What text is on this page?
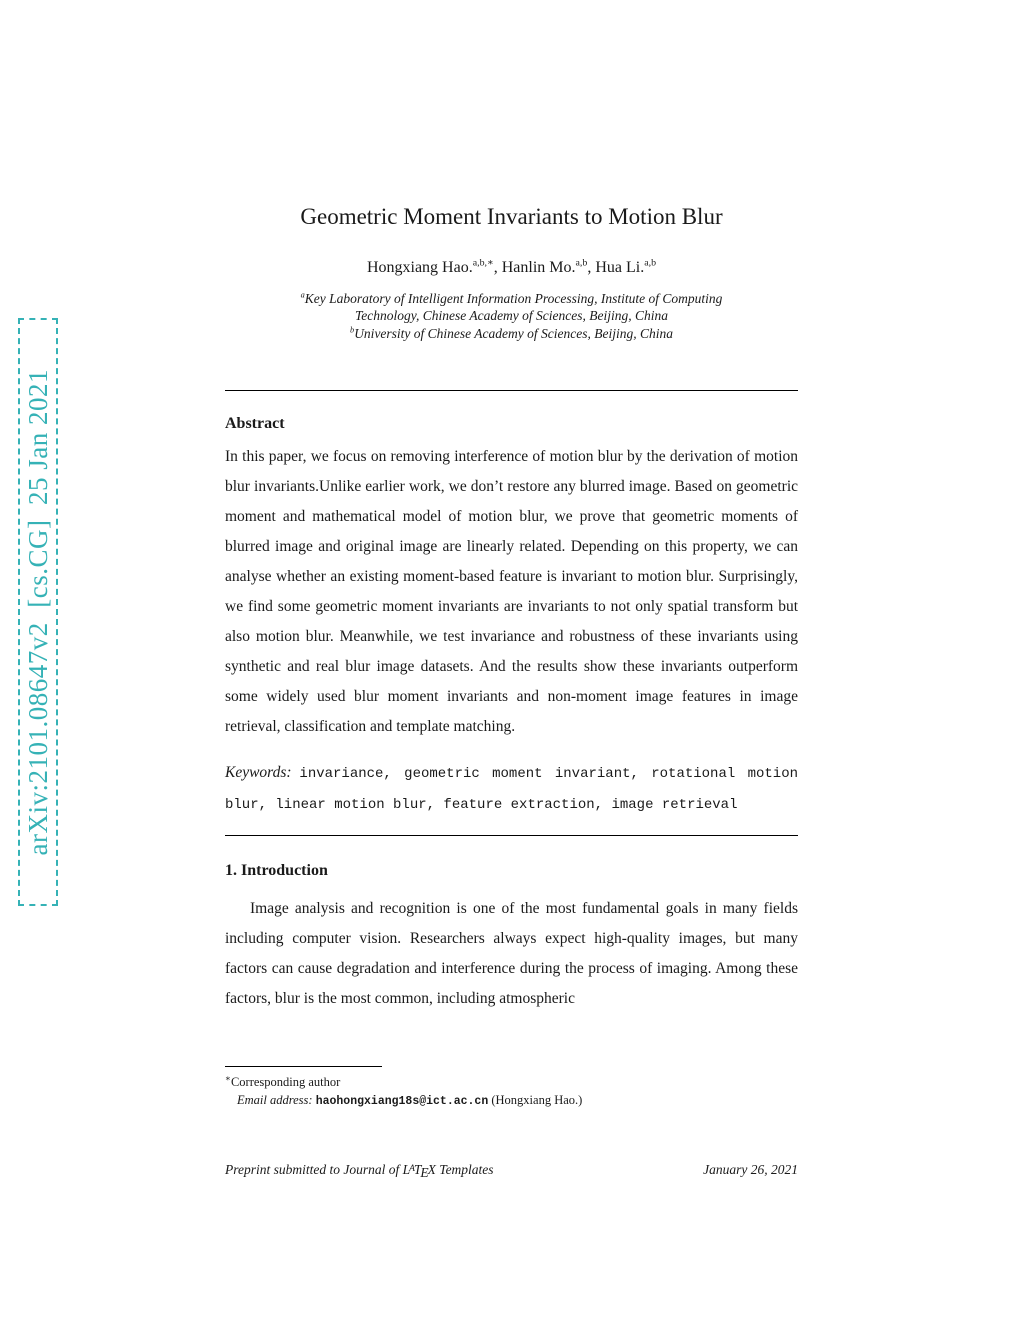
arXiv:2101.08647v2  [cs.CG]  25 Jan 2021
Geometric Moment Invariants to Motion Blur
Hongxiang Hao.$^{a,b,∗}$, Hanlin Mo.$^{a,b}$, Hua Li.$^{a,b}$
$^a$Key Laboratory of Intelligent Information Processing, Institute of Computing Technology, Chinese Academy of Sciences, Beijing, China
$^b$University of Chinese Academy of Sciences, Beijing, China
Abstract

In this paper, we focus on removing interference of motion blur by the derivation of motion blur invariants.Unlike earlier work, we don’t restore any blurred image. Based on geometric moment and mathematical model of motion blur, we prove that geometric moments of blurred image and original image are linearly related. Depending on this property, we can analyse whether an existing moment-based feature is invariant to motion blur. Surprisingly, we find some geometric moment invariants are invariants to not only spatial transform but also motion blur. Meanwhile, we test invariance and robustness of these invariants using synthetic and real blur image datasets. And the results show these invariants outperform some widely used blur moment invariants and non-moment image features in image retrieval, classification and template matching.

Keywords: invariance, geometric moment invariant, rotational motion blur, linear motion blur, feature extraction, image retrieval

1. Introduction

Image analysis and recognition is one of the most fundamental goals in many fields including computer vision. Researchers always expect high-quality images, but many factors can cause degradation and interference during the process of imaging. Among these factors, blur is the most common, including atmospheric

∗Corresponding author
Email address: haohongxiang18s@ict.ac.cn (Hongxiang Hao.)
Preprint submitted to Journal of $L^ATEX$ Templates	January 26, 2021
